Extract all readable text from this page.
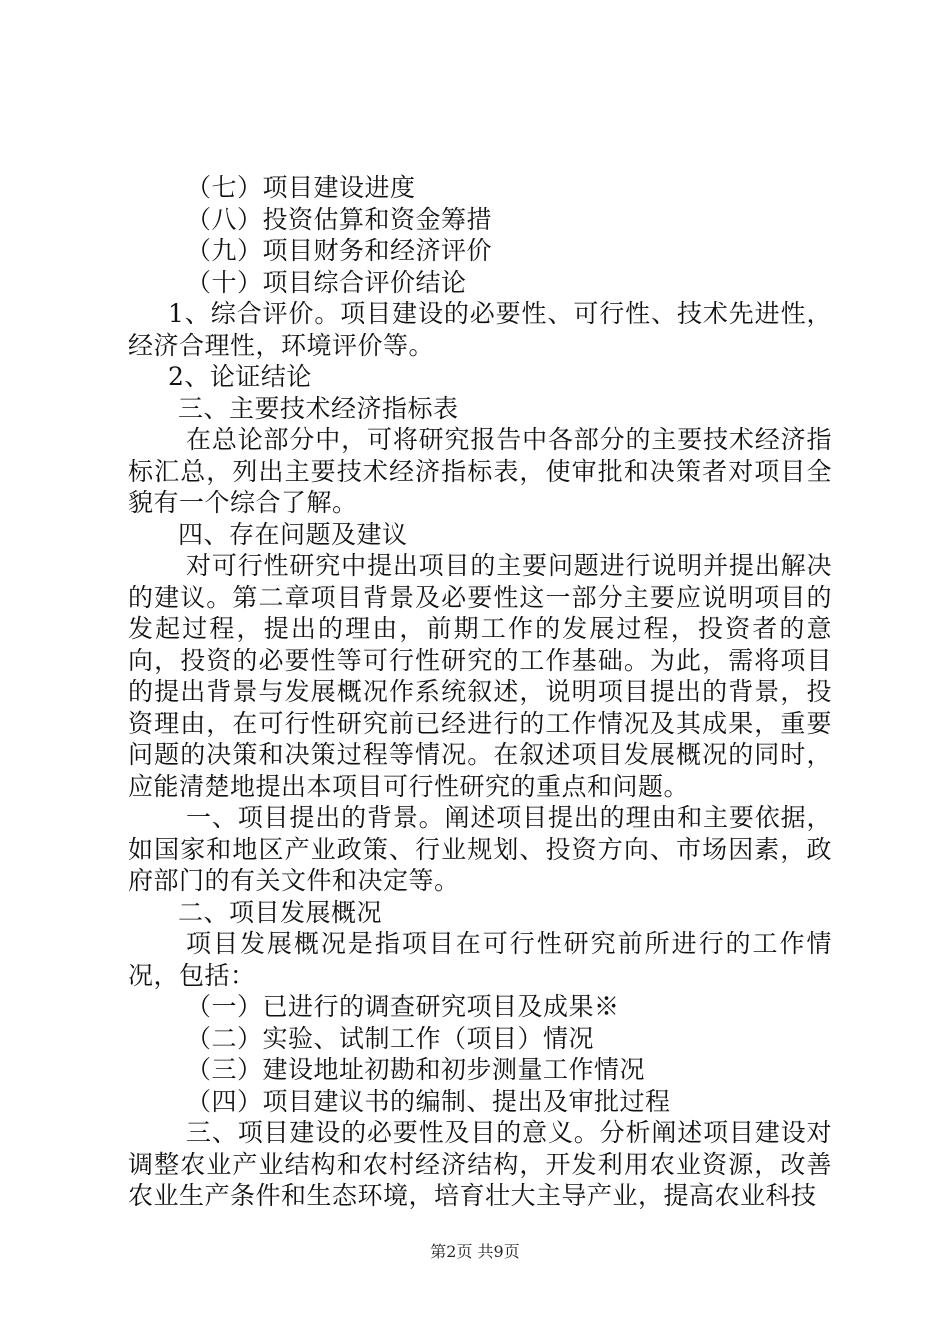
（七）项目建设进度

（八）投资估算和资金筹措

（九）项目财务和经济评价

（十）项目综合评价结论

1、综合评价。项目建设的必要性、可行性、技术先进性，经济合理性，环境评价等。

2、论证结论

三、主要技术经济指标表

在总论部分中，可将研究报告中各部分的主要技术经济指标汇总，列出主要技术经济指标表，使审批和决策者对项目全貌有一个综合了解。

四、存在问题及建议

对可行性研究中提出项目的主要问题进行说明并提出解决的建议。第二章项目背景及必要性这一部分主要应说明项目的发起过程，提出的理由，前期工作的发展过程，投资者的意向，投资的必要性等可行性研究的工作基础。为此，需将项目的提出背景与发展概况作系统叙述，说明项目提出的背景，投资理由，在可行性研究前已经进行的工作情况及其成果，重要问题的决策和决策过程等情况。在叙述项目发展概况的同时，应能清楚地提出本项目可行性研究的重点和问题。

一、项目提出的背景。阐述项目提出的理由和主要依据，如国家和地区产业政策、行业规划、投资方向、市场因素，政府部门的有关文件和决定等。

二、项目发展概况

项目发展概况是指项目在可行性研究前所进行的工作情况，包括：

（一）已进行的调查研究项目及成果※

（二）实验、试制工作（项目）情况

（三）建设地址初勘和初步测量工作情况

（四）项目建议书的编制、提出及审批过程

三、项目建设的必要性及目的意义。分析阐述项目建设对调整农业产业结构和农村经济结构，开发利用农业资源，改善农业生产条件和生态环境，培育壮大主导产业，提高农业科技

第2页 共9页
